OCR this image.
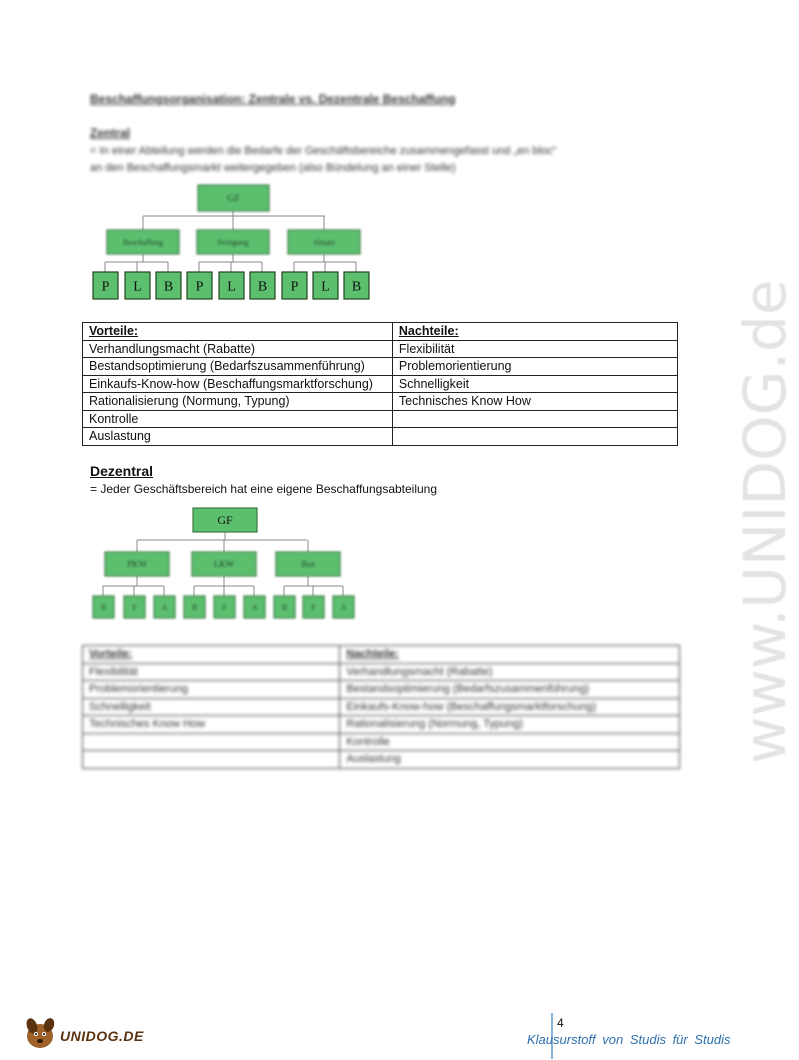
Beschaffungsorganisation: Zentrale vs. Dezentrale Beschaffung
Zentral
= In einer Abteilung werden die Bedarfe der Geschäftsbereiche zusammengefasst und „en bloc“
an den Beschaffungsmarkt weitergegeben (also Bündelung an einer Stelle)
GF
Beschaffung	Fertigung	Absatz
P L B P L B P L B
GF
PKW	LKW	Bus
B	F	A	B	F	A	B	F	A
Vorteile:	Nachteile:
Verhandlungsmacht (Rabatte)	Flexibilität
Bestandsoptimierung (Bedarfszusammenführung)	Problemorientierung
Einkaufs-Know-how (Beschaffungsmarktforschung)	Schnelligkeit
Rationalisierung (Normung, Typung)	Technisches Know How
Kontrolle	
Auslastung	
Dezentral
= Jeder Geschäftsbereich hat eine eigene Beschaffungsabteilung
Vorteile:	Nachteile:
Flexibilität	Verhandlungsmacht (Rabatte)
Problemorientierung	Bestandsoptimierung (Bedarfszusammenführung)
Schnelligkeit	Einkaufs-Know-how (Beschaffungsmarktforschung)
Technisches Know How	Rationalisierung (Normung, Typung)
	Kontrolle
	Auslastung	www.UNIDOG.de
UNIDOG.DE
4
Klausurstoff von Studis für Studis
